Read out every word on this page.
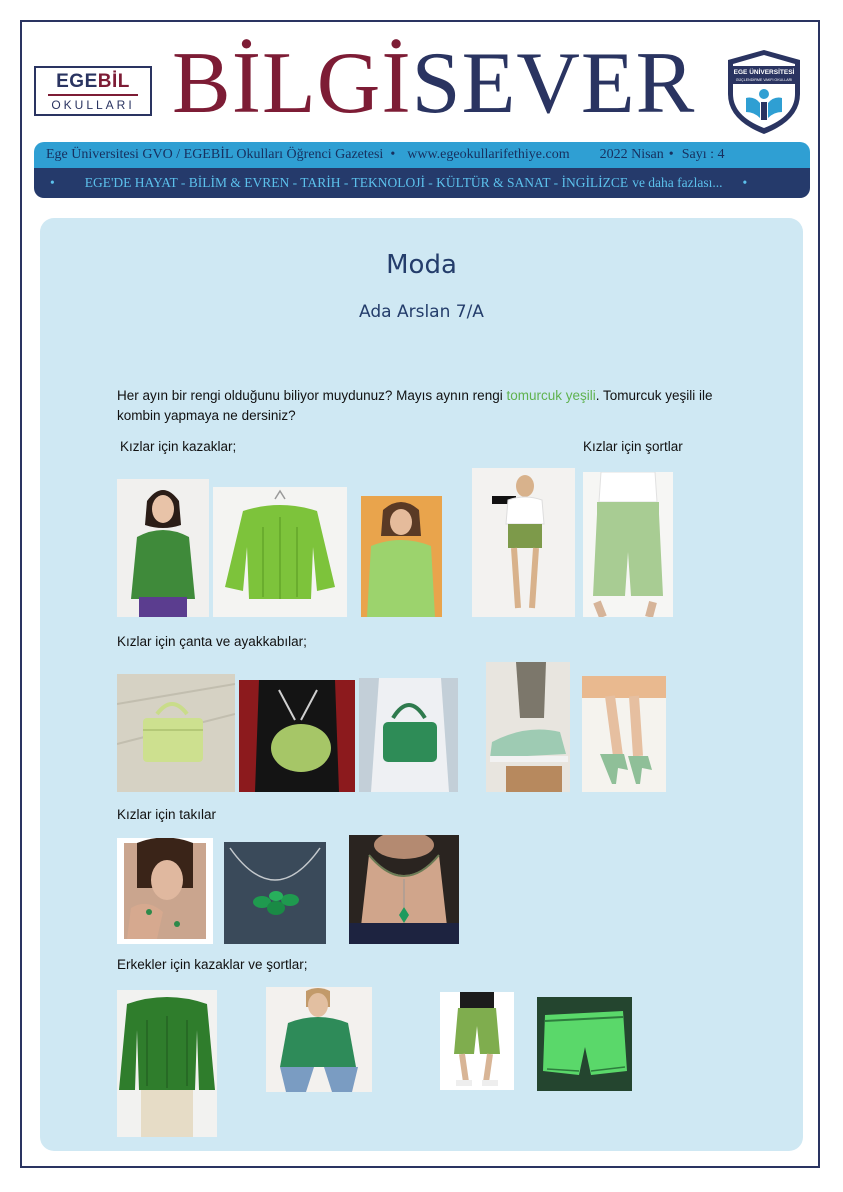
EGEBİL
OKULLARI BİLGİSEVER	EGE ÜNİVERSİTESİ
GÜÇLENDİRME VAKFI OKULLARI
Ege Üniversitesi GVO / EGEBİL Okulları Öğrenci Gazetesi • www.egeokullarifethiye.com 2022 Nisan • Sayı : 4
• EGE'DE HAYAT - BİLİM & EVREN - TARİH - TEKNOLOJİ - KÜLTÜR & SANAT - İNGİLİZCE ve daha fazlası... •
Moda
Ada Arslan 7/A
Her ayın bir rengi olduğunu biliyor muydunuz? Mayıs aynın rengi tomurcuk yeşili. Tomurcuk yeşili ile kombin yapmaya ne dersiniz?
Kızlar için kazaklar;	Kızlar için şortlar
Kızlar için çanta ve ayakkabılar;
Kızlar için takılar
Erkekler için kazaklar ve şortlar;
